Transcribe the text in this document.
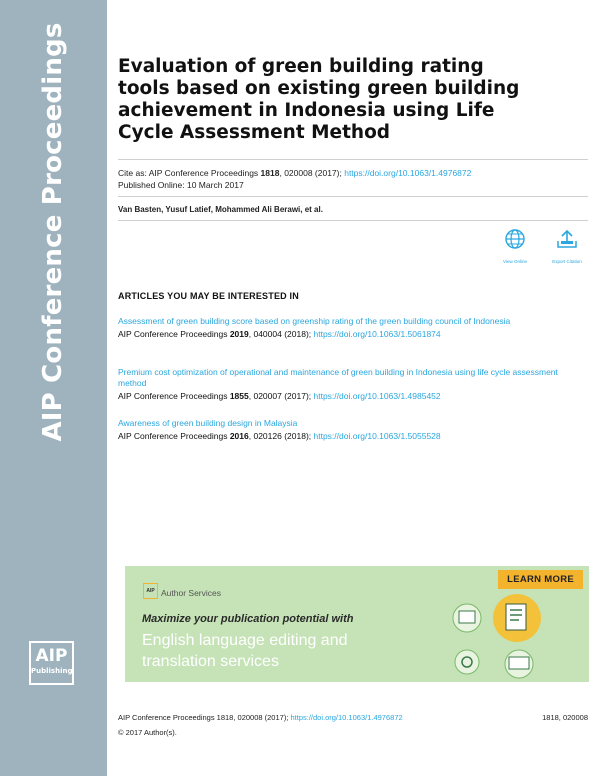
AIP Conference Proceedings
AIP
Publishing
Evaluation of green building rating tools based on existing green building achievement in Indonesia using Life Cycle Assessment Method
Cite as: AIP Conference Proceedings 1818, 020008 (2017); https://doi.org/10.1063/1.4976872
Published Online: 10 March 2017
Van Basten, Yusuf Latief, Mohammed Ali Berawi, et al.
View Online	Export Citation
ARTICLES YOU MAY BE INTERESTED IN
Assessment of green building score based on greenship rating of the green building council of Indonesia
AIP Conference Proceedings 2019, 040004 (2018); https://doi.org/10.1063/1.5061874
Premium cost optimization of operational and maintenance of green building in Indonesia using life cycle assessment method
AIP Conference Proceedings 1855, 020007 (2017); https://doi.org/10.1063/1.4985452
Awareness of green building design in Malaysia
AIP Conference Proceedings 2016, 020126 (2018); https://doi.org/10.1063/1.5055528
AIP Author Services
LEARN MORE
Maximize your publication potential with
English language editing and translation services
AIP Conference Proceedings 1818, 020008 (2017); https://doi.org/10.1063/1.4976872	1818, 020008
© 2017 Author(s).
